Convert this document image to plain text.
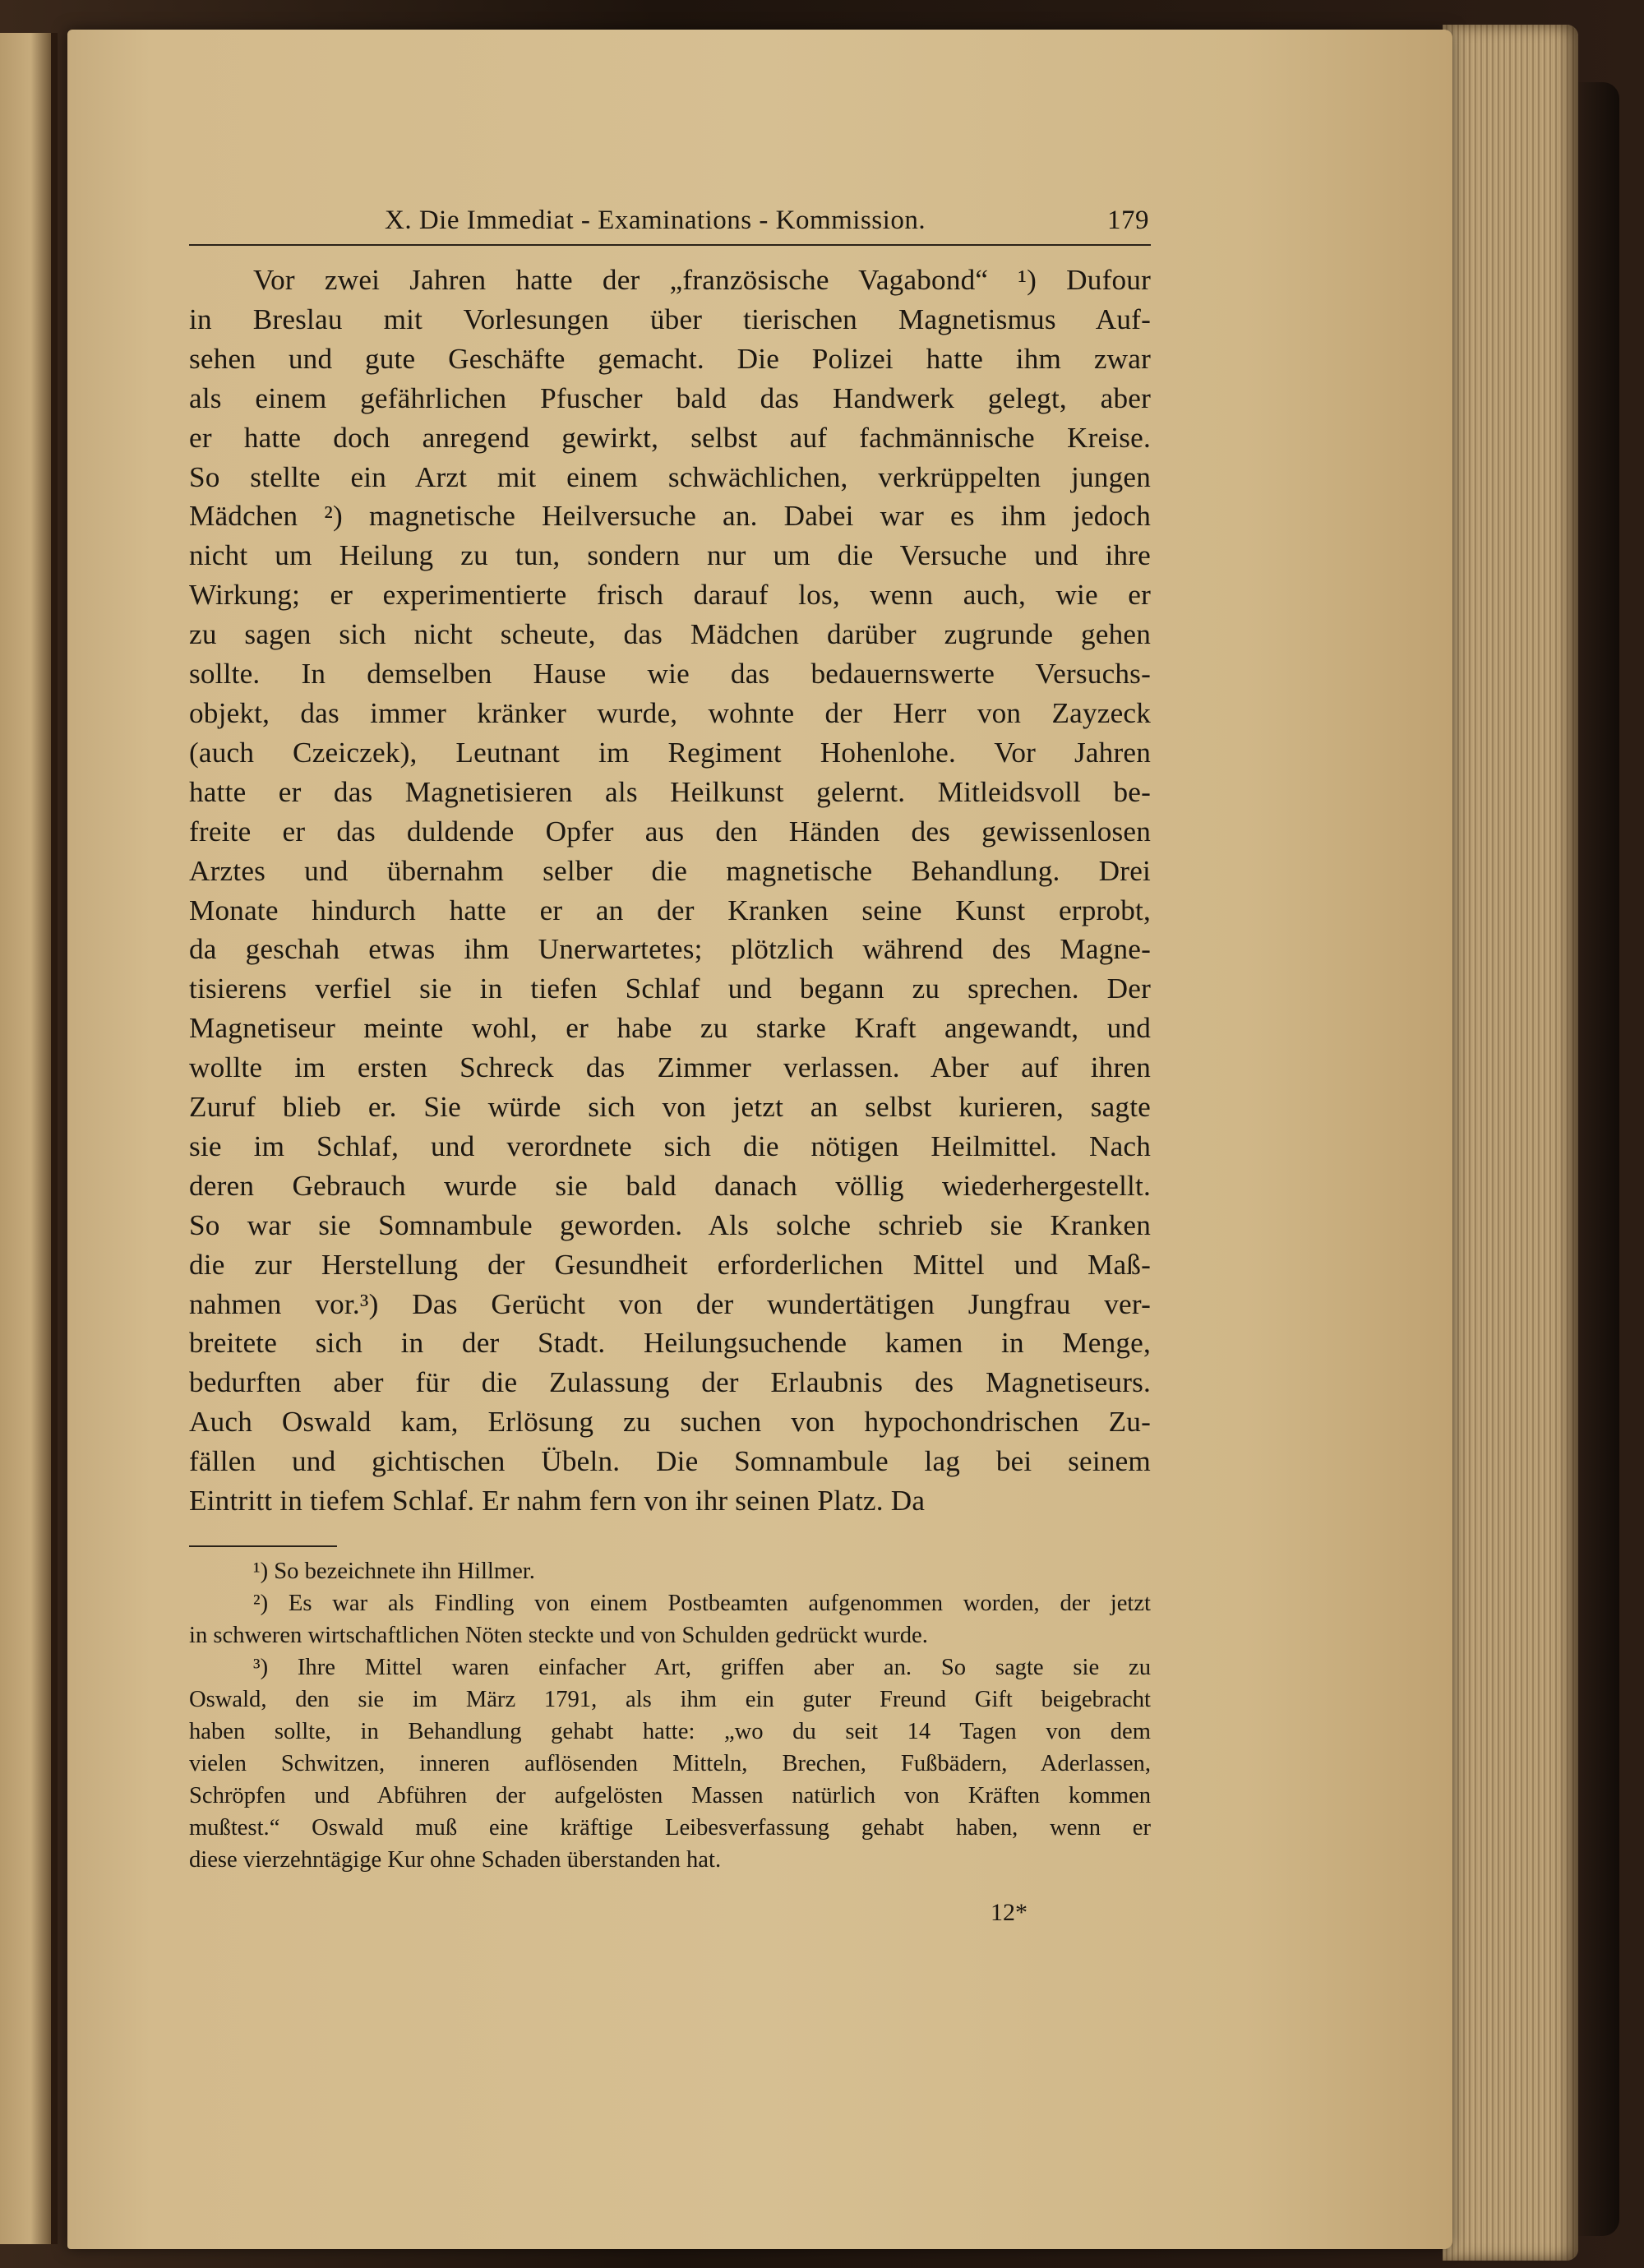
X. Die Immediat - Examinations - Kommission.	179
Vor zwei Jahren hatte der „französische Vagabond“ ¹) Dufour
in Breslau mit Vorlesungen über tierischen Magnetismus Auf-
sehen und gute Geschäfte gemacht. Die Polizei hatte ihm zwar
als einem gefährlichen Pfuscher bald das Handwerk gelegt, aber
er hatte doch anregend gewirkt, selbst auf fachmännische Kreise.
So stellte ein Arzt mit einem schwächlichen, verkrüppelten jungen
Mädchen ²) magnetische Heilversuche an. Dabei war es ihm jedoch
nicht um Heilung zu tun, sondern nur um die Versuche und ihre
Wirkung; er experimentierte frisch darauf los, wenn auch, wie er
zu sagen sich nicht scheute, das Mädchen darüber zugrunde gehen
sollte. In demselben Hause wie das bedauernswerte Versuchs-
objekt, das immer kränker wurde, wohnte der Herr von Zayzeck
(auch Czeiczek), Leutnant im Regiment Hohenlohe. Vor Jahren
hatte er das Magnetisieren als Heilkunst gelernt. Mitleidsvoll be-
freite er das duldende Opfer aus den Händen des gewissenlosen
Arztes und übernahm selber die magnetische Behandlung. Drei
Monate hindurch hatte er an der Kranken seine Kunst erprobt,
da geschah etwas ihm Unerwartetes; plötzlich während des Magne-
tisierens verfiel sie in tiefen Schlaf und begann zu sprechen. Der
Magnetiseur meinte wohl, er habe zu starke Kraft angewandt, und
wollte im ersten Schreck das Zimmer verlassen. Aber auf ihren
Zuruf blieb er. Sie würde sich von jetzt an selbst kurieren, sagte
sie im Schlaf, und verordnete sich die nötigen Heilmittel. Nach
deren Gebrauch wurde sie bald danach völlig wiederhergestellt.
So war sie Somnambule geworden. Als solche schrieb sie Kranken
die zur Herstellung der Gesundheit erforderlichen Mittel und Maß-
nahmen vor.³) Das Gerücht von der wundertätigen Jungfrau ver-
breitete sich in der Stadt. Heilungsuchende kamen in Menge,
bedurften aber für die Zulassung der Erlaubnis des Magnetiseurs.
Auch Oswald kam, Erlösung zu suchen von hypochondrischen Zu-
fällen und gichtischen Übeln. Die Somnambule lag bei seinem
Eintritt in tiefem Schlaf. Er nahm fern von ihr seinen Platz. Da
¹) So bezeichnete ihn Hillmer.
²) Es war als Findling von einem Postbeamten aufgenommen worden, der jetzt
in schweren wirtschaftlichen Nöten steckte und von Schulden gedrückt wurde.
³) Ihre Mittel waren einfacher Art, griffen aber an. So sagte sie zu
Oswald, den sie im März 1791, als ihm ein guter Freund Gift beigebracht
haben sollte, in Behandlung gehabt hatte: „wo du seit 14 Tagen von dem
vielen Schwitzen, inneren auflösenden Mitteln, Brechen, Fußbädern, Aderlassen,
Schröpfen und Abführen der aufgelösten Massen natürlich von Kräften kommen
mußtest.“ Oswald muß eine kräftige Leibesverfassung gehabt haben, wenn er
diese vierzehntägige Kur ohne Schaden überstanden hat.
12*
